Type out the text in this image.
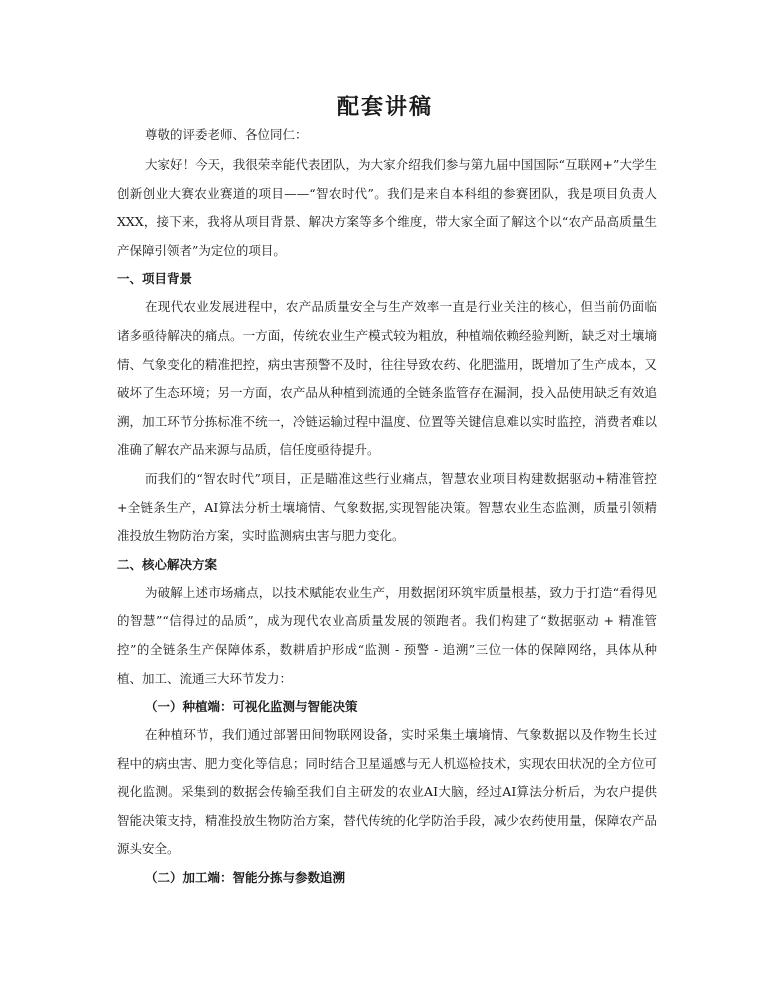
配套讲稿

尊敬的评委老师、各位同仁：

大家好！今天，我很荣幸能代表团队，为大家介绍我们参与第九届中国国际“互联网+”大学生创新创业大赛农业赛道的项目——“智农时代”。我们是来自本科组的参赛团队，我是项目负责人XXX，接下来，我将从项目背景、解决方案等多个维度，带大家全面了解这个以“农产品高质量生产保障引领者”为定位的项目。

一、项目背景

在现代农业发展进程中，农产品质量安全与生产效率一直是行业关注的核心，但当前仍面临诸多亟待解决的痛点。一方面，传统农业生产模式较为粗放，种植端依赖经验判断，缺乏对土壤墒情、气象变化的精准把控，病虫害预警不及时，往往导致农药、化肥滥用，既增加了生产成本，又破坏了生态环境；另一方面，农产品从种植到流通的全链条监管存在漏洞，投入品使用缺乏有效追溯，加工环节分拣标准不统一，冷链运输过程中温度、位置等关键信息难以实时监控，消费者难以准确了解农产品来源与品质，信任度亟待提升。

而我们的“智农时代”项目，正是瞄准这些行业痛点，智慧农业项目构建数据驱动+精准管控+全链条生产，AI算法分析土壤墒情、气象数据,实现智能决策。智慧农业生态监测，质量引领精准投放生物防治方案，实时监测病虫害与肥力变化。

二、核心解决方案

为破解上述市场痛点，以技术赋能农业生产，用数据闭环筑牢质量根基，致力于打造“看得见的智慧”“信得过的品质”，成为现代农业高质量发展的领跑者。我们构建了“数据驱动 + 精准管控”的全链条生产保障体系，数耕盾护形成“监测 - 预警 - 追溯”三位一体的保障网络，具体从种植、加工、流通三大环节发力：

（一）种植端：可视化监测与智能决策

在种植环节，我们通过部署田间物联网设备，实时采集土壤墒情、气象数据以及作物生长过程中的病虫害、肥力变化等信息；同时结合卫星遥感与无人机巡检技术，实现农田状况的全方位可视化监测。采集到的数据会传输至我们自主研发的农业AI大脑，经过AI算法分析后，为农户提供智能决策支持，精准投放生物防治方案，替代传统的化学防治手段，减少农药使用量，保障农产品源头安全。

（二）加工端：智能分拣与参数追溯
